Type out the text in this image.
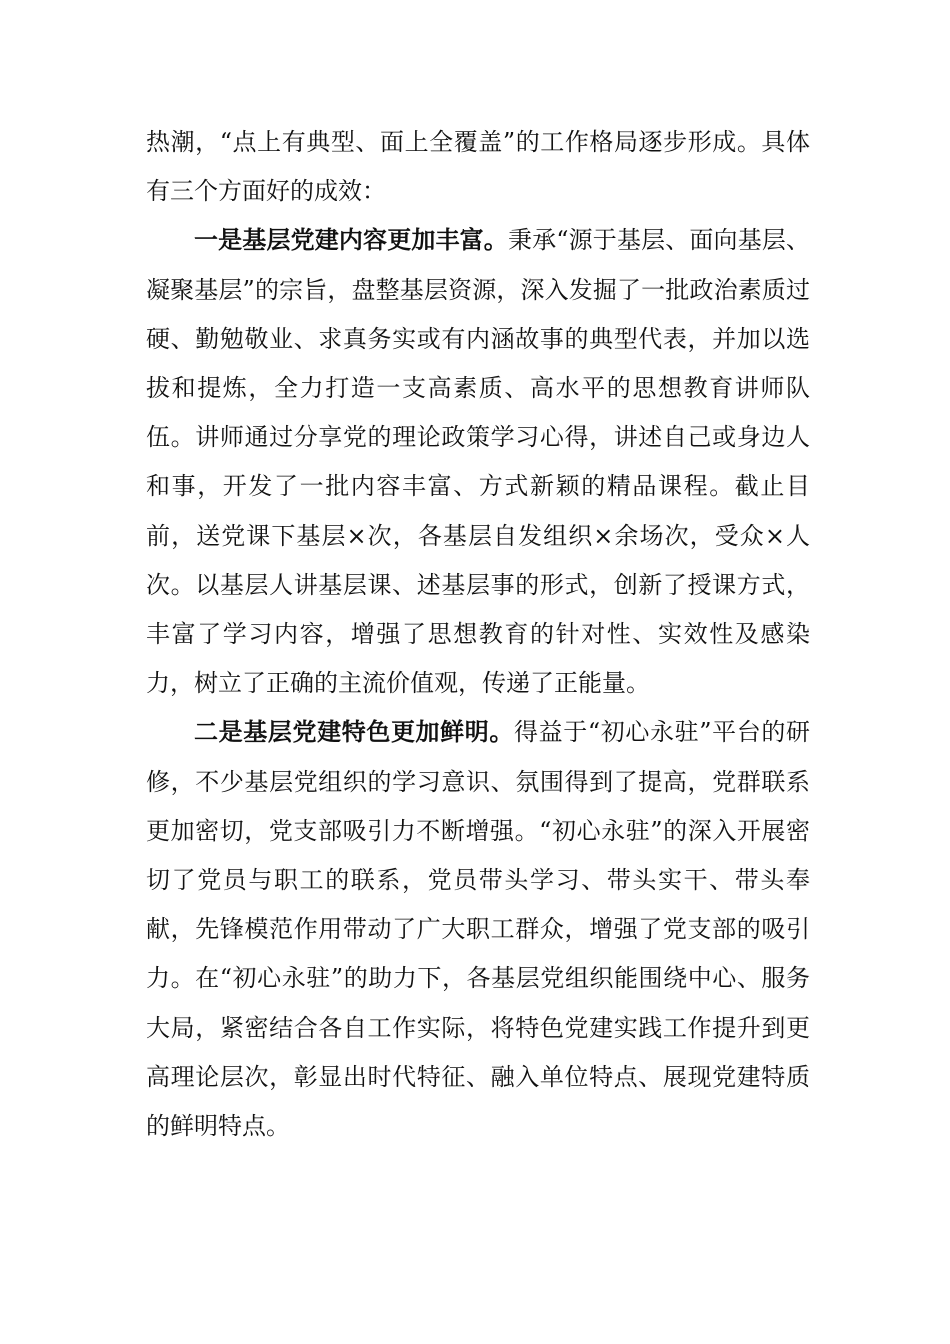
热潮，“点上有典型、面上全覆盖”的工作格局逐步形成。具体有三个方面好的成效：

一是基层党建内容更加丰富。秉承“源于基层、面向基层、凝聚基层”的宗旨，盘整基层资源，深入发掘了一批政治素质过硬、勤勉敬业、求真务实或有内涵故事的典型代表，并加以选拔和提炼，全力打造一支高素质、高水平的思想教育讲师队伍。讲师通过分享党的理论政策学习心得，讲述自己或身边人和事，开发了一批内容丰富、方式新颖的精品课程。截止目前，送党课下基层×次，各基层自发组织×余场次，受众×人次。以基层人讲基层课、述基层事的形式，创新了授课方式，丰富了学习内容，增强了思想教育的针对性、实效性及感染力，树立了正确的主流价值观，传递了正能量。

二是基层党建特色更加鲜明。得益于“初心永驻”平台的研修，不少基层党组织的学习意识、氛围得到了提高，党群联系更加密切，党支部吸引力不断增强。“初心永驻”的深入开展密切了党员与职工的联系，党员带头学习、带头实干、带头奉献，先锋模范作用带动了广大职工群众，增强了党支部的吸引力。在“初心永驻”的助力下，各基层党组织能围绕中心、服务大局，紧密结合各自工作实际，将特色党建实践工作提升到更高理论层次，彰显出时代特征、融入单位特点、展现党建特质的鲜明特点。
